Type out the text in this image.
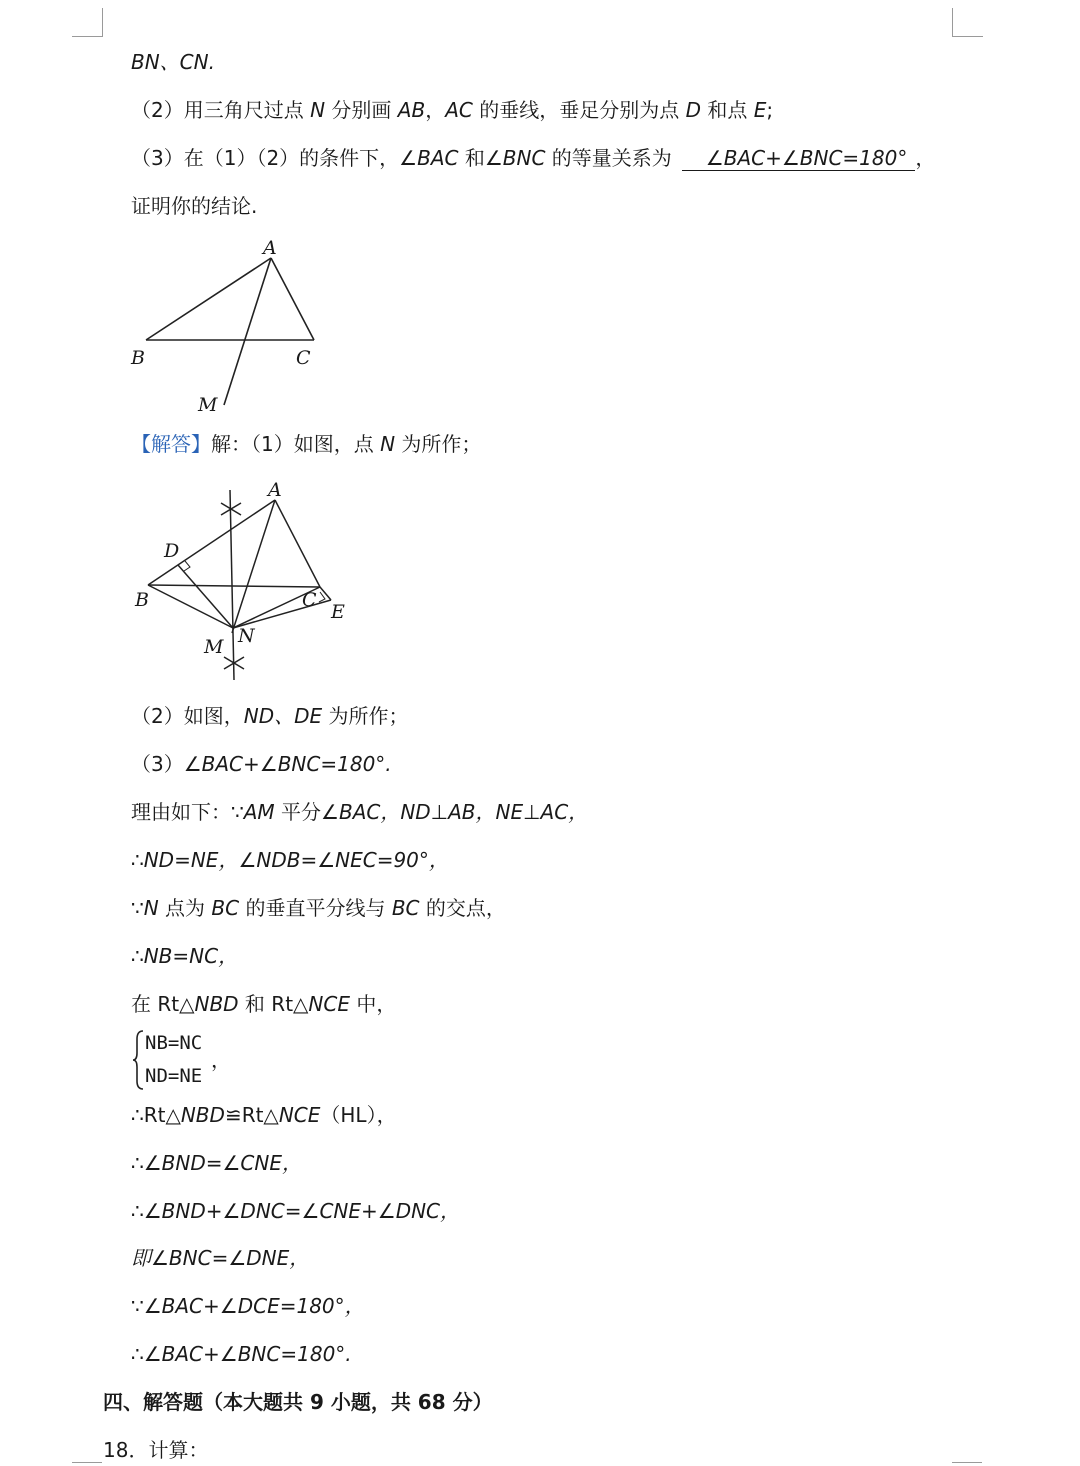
BN、CN.
（2）用三角尺过点 N 分别画 AB，AC 的垂线，垂足分别为点 D 和点 E;
（3）在（1）（2）的条件下，∠BAC 和∠BNC 的等量关系为 ∠BAC+∠BNC=180° ，
证明你的结论.
A
B	C
M
【解答】解：（1）如图，点 N 为所作；
A
D
B	C
E
M N
（2）如图，ND、DE 为所作；
（3）∠BAC+∠BNC=180°.
理由如下：∵AM 平分∠BAC，ND⊥AB，NE⊥AC，
∴ND=NE，∠NDB=∠NEC=90°，
∵N 点为 BC 的垂直平分线与 BC 的交点，
∴NB=NC，
在 Rt△NBD 和 Rt△NCE 中，
NB=NC
ND=NE
，
∴Rt△NBD≌Rt△NCE（HL），
∴∠BND=∠CNE，
∴∠BND+∠DNC=∠CNE+∠DNC，
即∠BNC=∠DNE，
∵∠BAC+∠DCE=180°，
∴∠BAC+∠BNC=180°.
四、解答题（本大题共 9 小题，共 68 分）
18．计算：
